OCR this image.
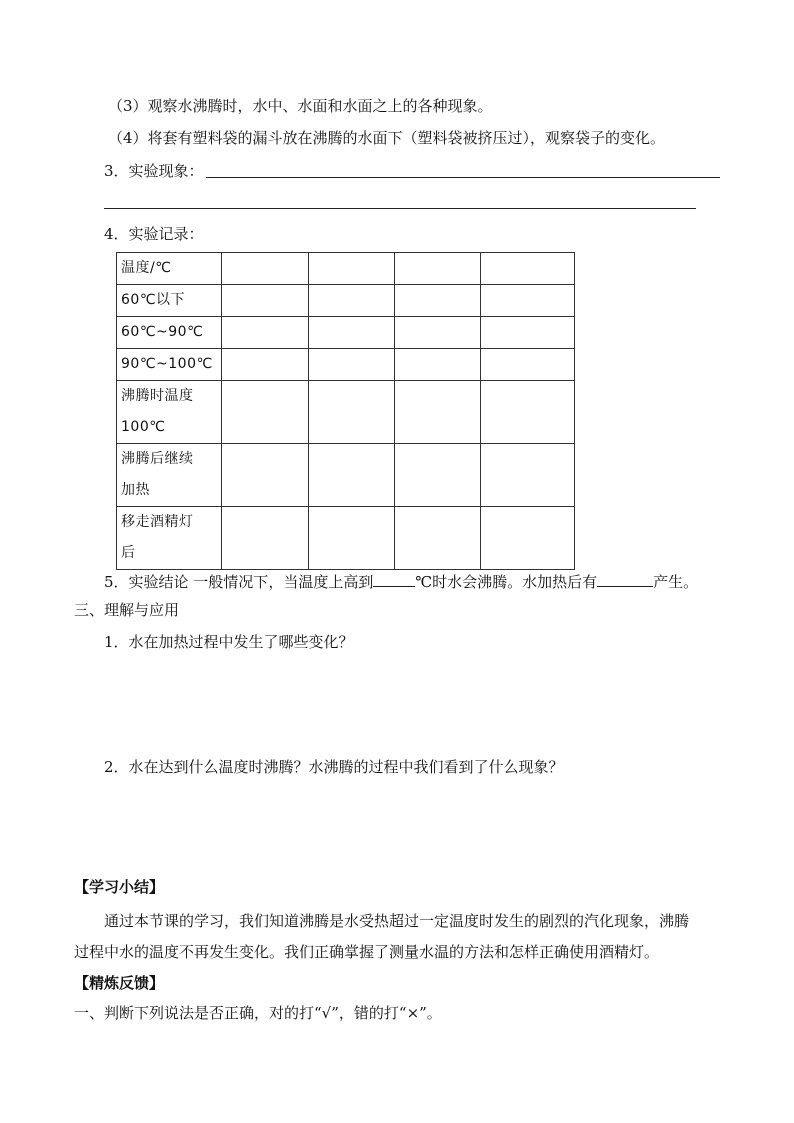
（3）观察水沸腾时，水中、水面和水面之上的各种现象。
（4）将套有塑料袋的漏斗放在沸腾的水面下（塑料袋被挤压过），观察袋子的变化。
3．实验现象：
4．实验记录：
温度/℃				

60℃以下				

60℃~90℃				

90℃~100℃				

沸腾时温度
100℃				

沸腾后继续
加热				

移走酒精灯
后				

5．实验结论 一般情况下，当温度上高到	℃时水会沸腾。水加热后有	产生。
三、理解与应用
1．水在加热过程中发生了哪些变化？
2．水在达到什么温度时沸腾？水沸腾的过程中我们看到了什么现象？
【学习小结】
通过本节课的学习，我们知道沸腾是水受热超过一定温度时发生的剧烈的汽化现象，沸腾
过程中水的温度不再发生变化。我们正确掌握了测量水温的方法和怎样正确使用酒精灯。
【精炼反馈】
一、判断下列说法是否正确，对的打“√”，错的打“×”。
